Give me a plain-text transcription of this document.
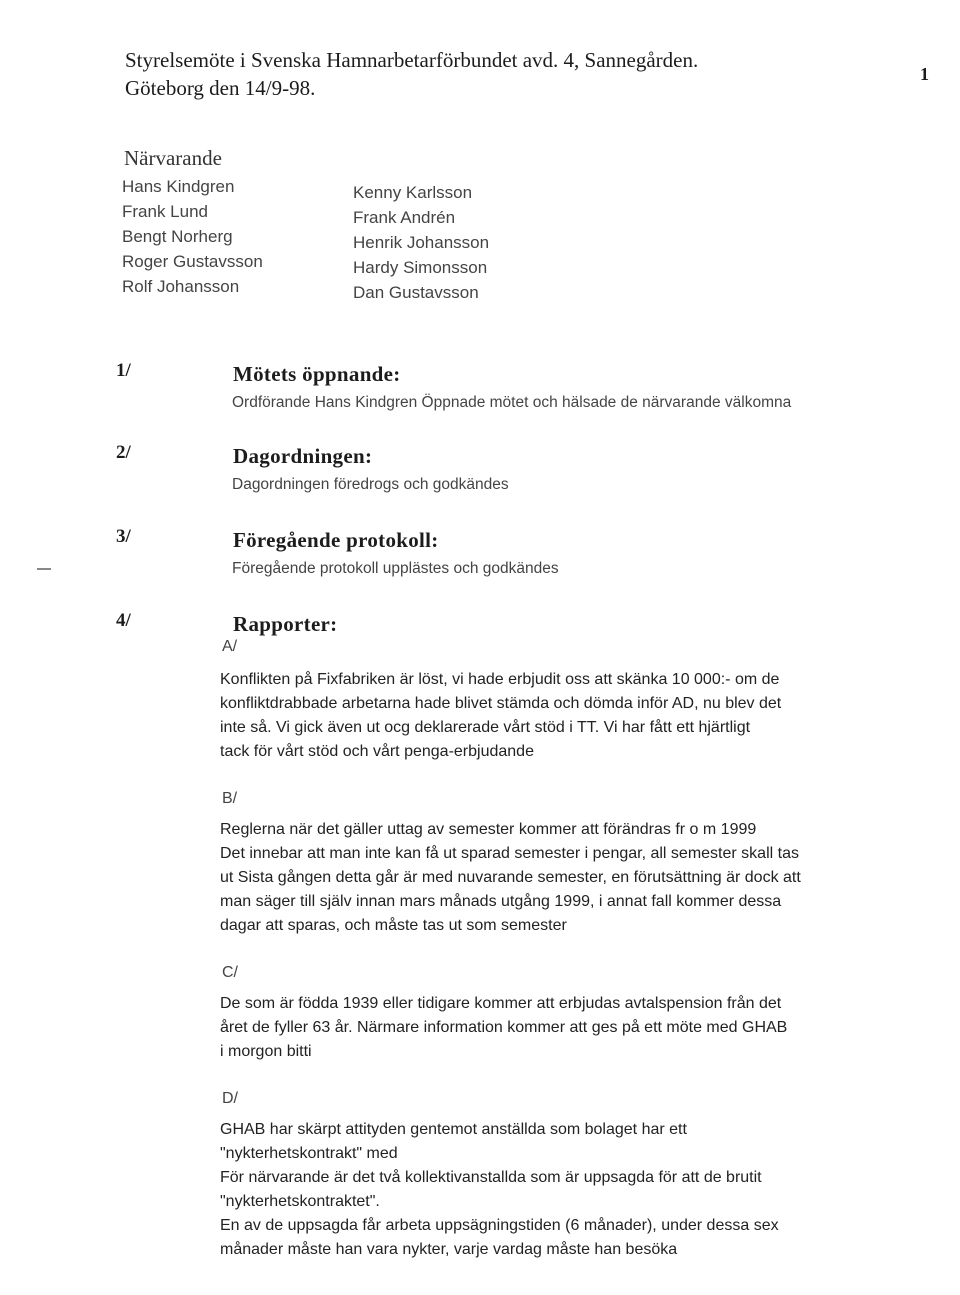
Styrelsemöte i Svenska Hamnarbetarförbundet avd. 4, Sannegården.
Göteborg den 14/9-98.
1
Närvarande
Hans Kindgren
Frank Lund
Bengt Norherg
Roger Gustavsson
Rolf Johansson
Kenny Karlsson
Frank Andrén
Henrik Johansson
Hardy Simonsson
Dan Gustavsson
1/	Mötets öppnande:
Ordförande Hans Kindgren Öppnade mötet och hälsade de närvarande välkomna
2/	Dagordningen:
Dagordningen föredrogs och godkändes
3/	Föregående protokoll:
Föregående protokoll upplästes och godkändes
4/	Rapporter:
A/
Konflikten på Fixfabriken är löst, vi hade erbjudit oss att skänka 10 000:- om de
konfliktdrabbade arbetarna hade blivet stämda och dömda inför AD, nu blev det
inte så. Vi gick även ut ocg deklarerade vårt stöd i TT. Vi har fått ett hjärtligt
tack för vårt stöd och vårt penga-erbjudande
B/
Reglerna när det gäller uttag av semester kommer att förändras fr o m 1999
Det innebar att man inte kan få ut sparad semester i pengar, all semester skall tas
ut Sista gången detta går är med nuvarande semester, en förutsättning är dock att
man säger till själv innan mars månads utgång 1999, i annat fall kommer dessa
dagar att sparas, och måste tas ut som semester
C/
De som är födda 1939 eller tidigare kommer att erbjudas avtalspension från det
året de fyller 63 år. Närmare information kommer att ges på ett möte med GHAB
i morgon bitti
D/
GHAB har skärpt attityden gentemot anställda som bolaget har ett
"nykterhetskontrakt" med
För närvarande är det två kollektivanstallda som är uppsagda för att de brutit
"nykterhetskontraktet".
En av de uppsagda får arbeta uppsägningstiden (6 månader), under dessa sex
månader måste han vara nykter, varje vardag måste han besöka
